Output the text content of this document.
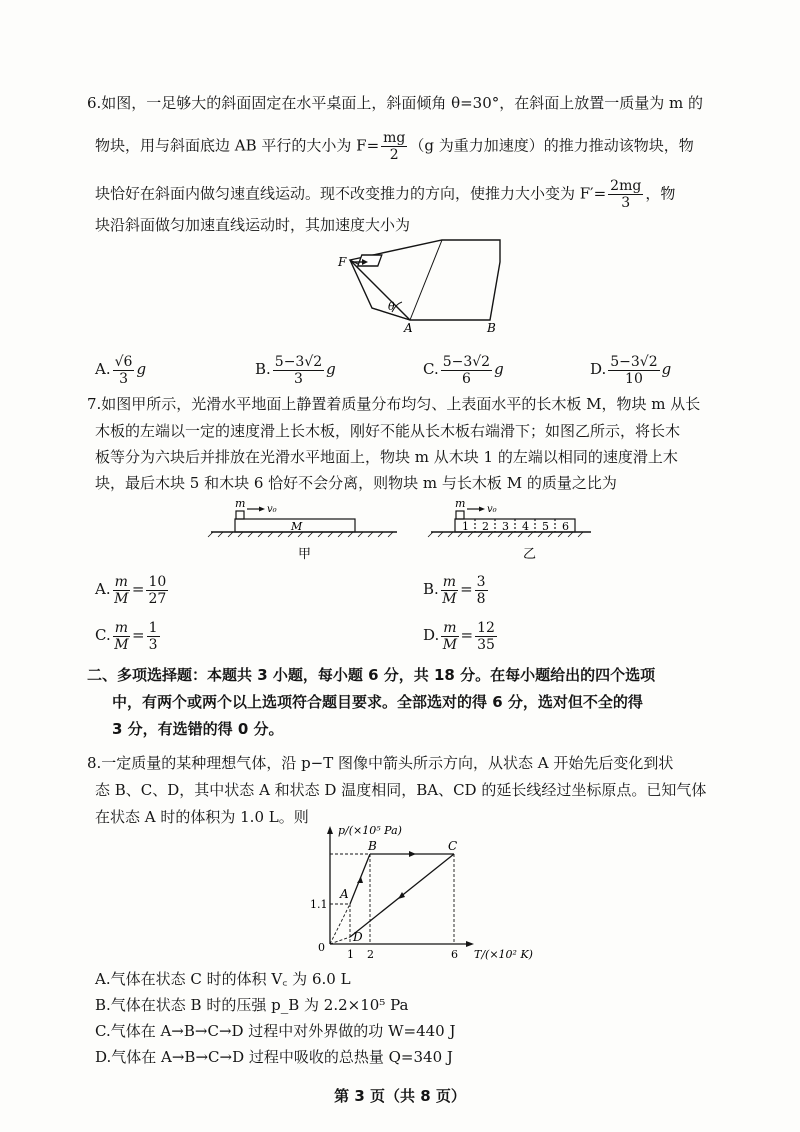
6.如图，一足够大的斜面固定在水平桌面上，斜面倾角 θ=30°，在斜面上放置一质量为 m 的
物块，用与斜面底边 AB 平行的大小为 $F= \frac{mg}{2} (g$ 为重力加速度）的推力推动该物块，物
块恰好在斜面内做匀速直线运动。现不改变推力的方向，使推力大小变为 $F'= \frac{2mg}{3}$ ，物
块沿斜面做匀加速直线运动时，其加速度大小为
F
θ
A	B
A. $\frac{√6}{3}$ g	B. $\frac{5-3√2}{3}$ g	C. $\frac{5-3√2}{6}$ g	D. $\frac{5-3√2}{10}$ g
7.如图甲所示，光滑水平地面上静置着质量分布均匀、上表面水平的长木板 M，物块 m 从长
木板的左端以一定的速度滑上长木板，刚好不能从长木板右端滑下；如图乙所示，将长木
板等分为六块后并排放在光滑水平地面上，物块 m 从木块 1 的左端以相同的速度滑上木
块，最后木块 5 和木块 6 恰好不会分离，则物块 m 与长木板 M 的质量之比为
m v₀
M
m v₀
1 2 3 4 5 6
甲	乙
A. $\frac{m}{M} = \frac{10}{27}$	B. $\frac{m}{M} = \frac{3}{8}$
C. $\frac{m}{M} = \frac{1}{3}$	D. $\frac{m}{M} = \frac{12}{35}$
二、多项选择题：本题共 3 小题，每小题 6 分，共 18 分。在每小题给出的四个选项
中，有两个或两个以上选项符合题目要求。全部选对的得 6 分，选对但不全的得
3 分，有选错的得 0 分。
8.一定质量的某种理想气体，沿 p−T 图像中箭头所示方向，从状态 A 开始先后变化到状
态 B、C、D，其中状态 A 和状态 D 温度相同，BA、CD 的延长线经过坐标原点。已知气体
在状态 A 时的体积为 1.0 L。则
p/(×10⁵ Pa)
T/(×10² K)
0
1.1
1 2	6
A
B	C
D
A.气体在状态 C 时的体积 V꜀ 为 6.0 L
B.气体在状态 B 时的压强 p_B 为 2.2×10⁵ Pa
C.气体在 A→B→C→D 过程中对外界做的功 W=440 J
D.气体在 A→B→C→D 过程中吸收的总热量 Q=340 J
第 3 页（共 8 页）
